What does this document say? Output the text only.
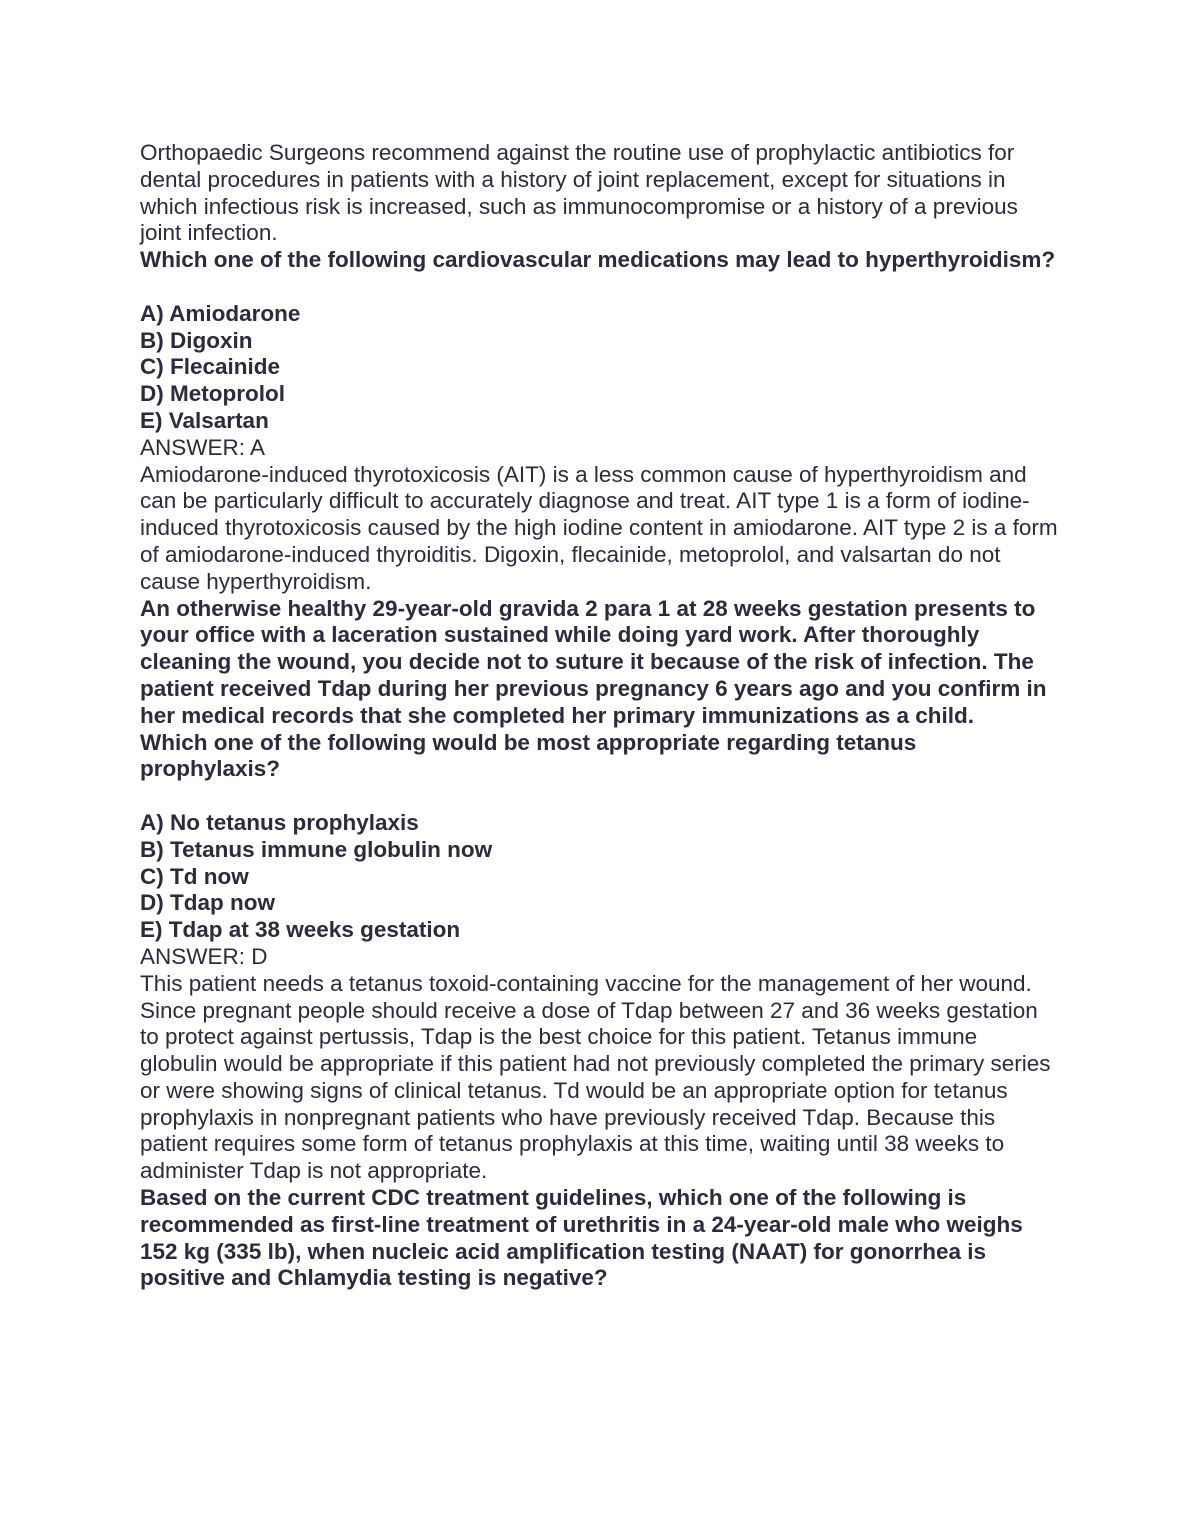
Orthopaedic Surgeons recommend against the routine use of prophylactic antibiotics for dental procedures in patients with a history of joint replacement, except for situations in which infectious risk is increased, such as immunocompromise or a history of a previous joint infection.

Which one of the following cardiovascular medications may lead to hyperthyroidism?

A) Amiodarone

B) Digoxin

C) Flecainide

D) Metoprolol

E) Valsartan

ANSWER: A

Amiodarone-induced thyrotoxicosis (AIT) is a less common cause of hyperthyroidism and can be particularly difficult to accurately diagnose and treat. AIT type 1 is a form of iodine-induced thyrotoxicosis caused by the high iodine content in amiodarone. AIT type 2 is a form of amiodarone-induced thyroiditis. Digoxin, flecainide, metoprolol, and valsartan do not cause hyperthyroidism.

An otherwise healthy 29-year-old gravida 2 para 1 at 28 weeks gestation presents to your office with a laceration sustained while doing yard work. After thoroughly cleaning the wound, you decide not to suture it because of the risk of infection. The patient received Tdap during her previous pregnancy 6 years ago and you confirm in her medical records that she completed her primary immunizations as a child.

Which one of the following would be most appropriate regarding tetanus prophylaxis?

A) No tetanus prophylaxis

B) Tetanus immune globulin now

C) Td now

D) Tdap now

E) Tdap at 38 weeks gestation

ANSWER: D

This patient needs a tetanus toxoid-containing vaccine for the management of her wound. Since pregnant people should receive a dose of Tdap between 27 and 36 weeks gestation to protect against pertussis, Tdap is the best choice for this patient. Tetanus immune globulin would be appropriate if this patient had not previously completed the primary series or were showing signs of clinical tetanus. Td would be an appropriate option for tetanus prophylaxis in nonpregnant patients who have previously received Tdap. Because this patient requires some form of tetanus prophylaxis at this time, waiting until 38 weeks to administer Tdap is not appropriate.

Based on the current CDC treatment guidelines, which one of the following is recommended as first-line treatment of urethritis in a 24-year-old male who weighs 152 kg (335 lb), when nucleic acid amplification testing (NAAT) for gonorrhea is positive and Chlamydia testing is negative?
